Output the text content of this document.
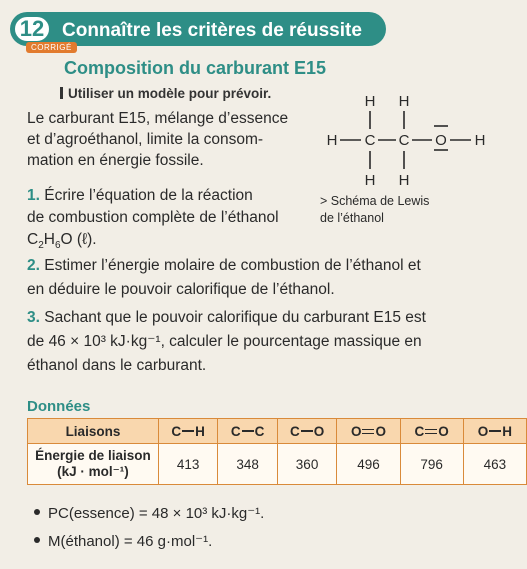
12 Connaître les critères de réussite
CORRIGÉ
Composition du carburant E15
Utiliser un modèle pour prévoir.
Le carburant E15, mélange d’essence
et d’agroéthanol, limite la consom-
mation en énergie fossile.
H H
H C C O H
H H
> Schéma de Lewis
de l’éthanol
1. Écrire l’équation de la réaction
de combustion complète de l’éthanol
$C_2H_6O$ (ℓ).
2. Estimer l’énergie molaire de combustion de l’éthanol et
en déduire le pouvoir calorifique de l’éthanol.
3. Sachant que le pouvoir calorifique du carburant E15 est
de 46 × 10³ kJ·kg⁻¹, calculer le pourcentage massique en
éthanol dans le carburant.
Données
Liaisons	C H	C C	C O	O O	C O	O H

Énergie de liaison
(kJ · mol⁻¹)	413	348	360	496	796	463
PC(essence) = 48 × 10³ kJ·kg⁻¹.
M(éthanol) = 46 g·mol⁻¹.
